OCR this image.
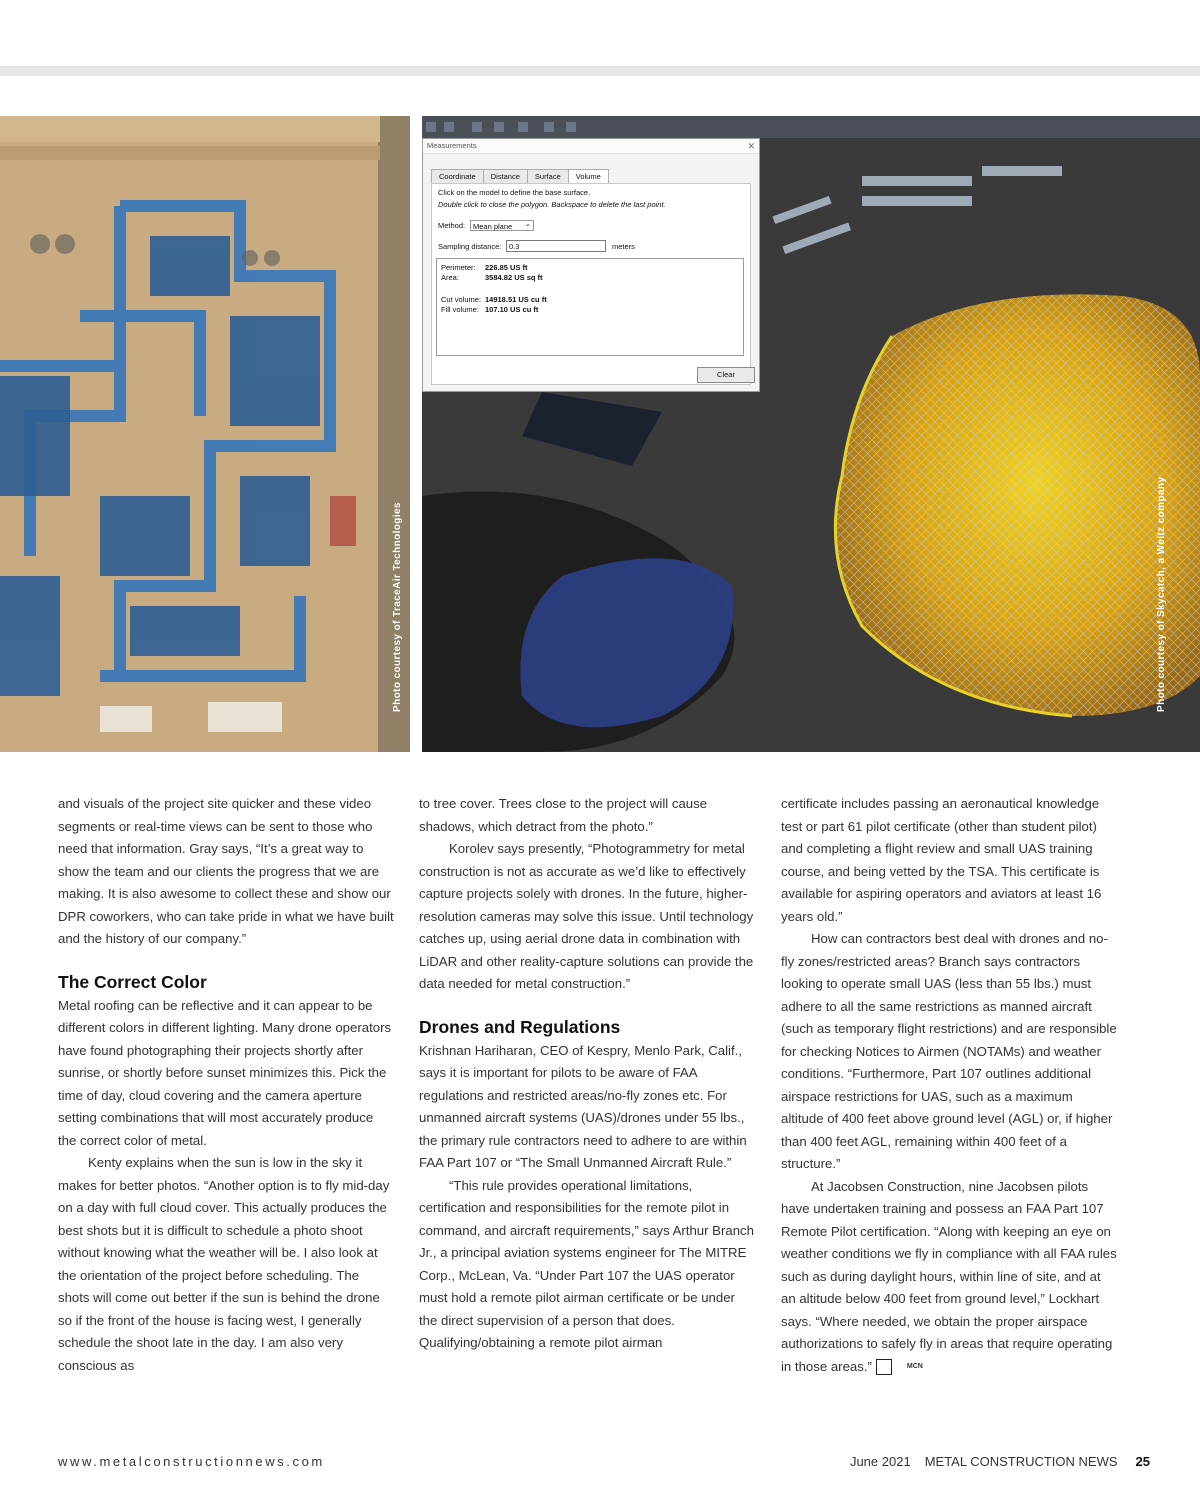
Photo courtesy of TraceAir Technologies
Measurements	✕
Coordinate	Distance	Surface	Volume
Click on the model to define the base surface.
Double click to close the polygon. Backspace to delete the last point.
Method:	Mean plane ⌄
Sampling distance:	0.3	meters
Perimeter: 226.85 US ft
Area:	3584.82 US sq ft
Cut volume: 14918.51 US cu ft
Fill volume: 107.10 US cu ft
Clear
Photo courtesy of Skycatch, a Weitz company

and visuals of the project site quicker and these video segments or real-time views can be sent to those who need that information. Gray says, “It’s a great way to show the team and our clients the progress that we are making. It is also awesome to collect these and show our DPR coworkers, who can take pride in what we have built and the history of our company.”

The Correct Color

Metal roofing can be reflective and it can appear to be different colors in different lighting. Many drone operators have found photographing their projects shortly after sunrise, or shortly before sunset minimizes this. Pick the time of day, cloud covering and the camera aperture setting combinations that will most accurately produce the correct color of metal.

Kenty explains when the sun is low in the sky it makes for better photos. “Another option is to fly mid-day on a day with full cloud cover. This actually produces the best shots but it is difficult to schedule a photo shoot without knowing what the weather will be. I also look at the orientation of the project before scheduling. The shots will come out better if the sun is behind the drone so if the front of the house is facing west, I generally schedule the shoot late in the day. I am also very conscious as

to tree cover. Trees close to the project will cause shadows, which detract from the photo.”

Korolev says presently, “Photogrammetry for metal construction is not as accurate as we’d like to effectively capture projects solely with drones. In the future, higher-resolution cameras may solve this issue. Until technology catches up, using aerial drone data in combination with LiDAR and other reality-capture solutions can provide the data needed for metal construction.”

Drones and Regulations

Krishnan Hariharan, CEO of Kespry, Menlo Park, Calif., says it is important for pilots to be aware of FAA regulations and restricted areas/no-fly zones etc. For unmanned aircraft systems (UAS)/drones under 55 lbs., the primary rule contractors need to adhere to are within FAA Part 107 or “The Small Unmanned Aircraft Rule.”

“This rule provides operational limitations, certification and responsibilities for the remote pilot in command, and aircraft requirements,” says Arthur Branch Jr., a principal aviation systems engineer for The MITRE Corp., McLean, Va. “Under Part 107 the UAS operator must hold a remote pilot airman certificate or be under the direct supervision of a person that does. Qualifying/obtaining a remote pilot airman

certificate includes passing an aeronautical knowledge test or part 61 pilot certificate (other than student pilot) and completing a flight review and small UAS training course, and being vetted by the TSA. This certificate is available for aspiring operators and aviators at least 16 years old.”

How can contractors best deal with drones and no-fly zones/restricted areas? Branch says contractors looking to operate small UAS (less than 55 lbs.) must adhere to all the same restrictions as manned aircraft (such as temporary flight restrictions) and are responsible for checking Notices to Airmen (NOTAMs) and weather conditions. “Furthermore, Part 107 outlines additional airspace restrictions for UAS, such as a maximum altitude of 400 feet above ground level (AGL) or, if higher than 400 feet AGL, remaining within 400 feet of a structure.”

At Jacobsen Construction, nine Jacobsen pilots have undertaken training and possess an FAA Part 107 Remote Pilot certification. “Along with keeping an eye on weather conditions we fly in compliance with all FAA rules such as during daylight hours, within line of site, and at an altitude below 400 feet from ground level,” Lockhart says. “Where needed, we obtain the proper airspace authorizations to safely fly in areas that require operating in those areas.”	MCN

www.metalconstructionnews.com	June 2021 METAL CONSTRUCTION NEWS 25
